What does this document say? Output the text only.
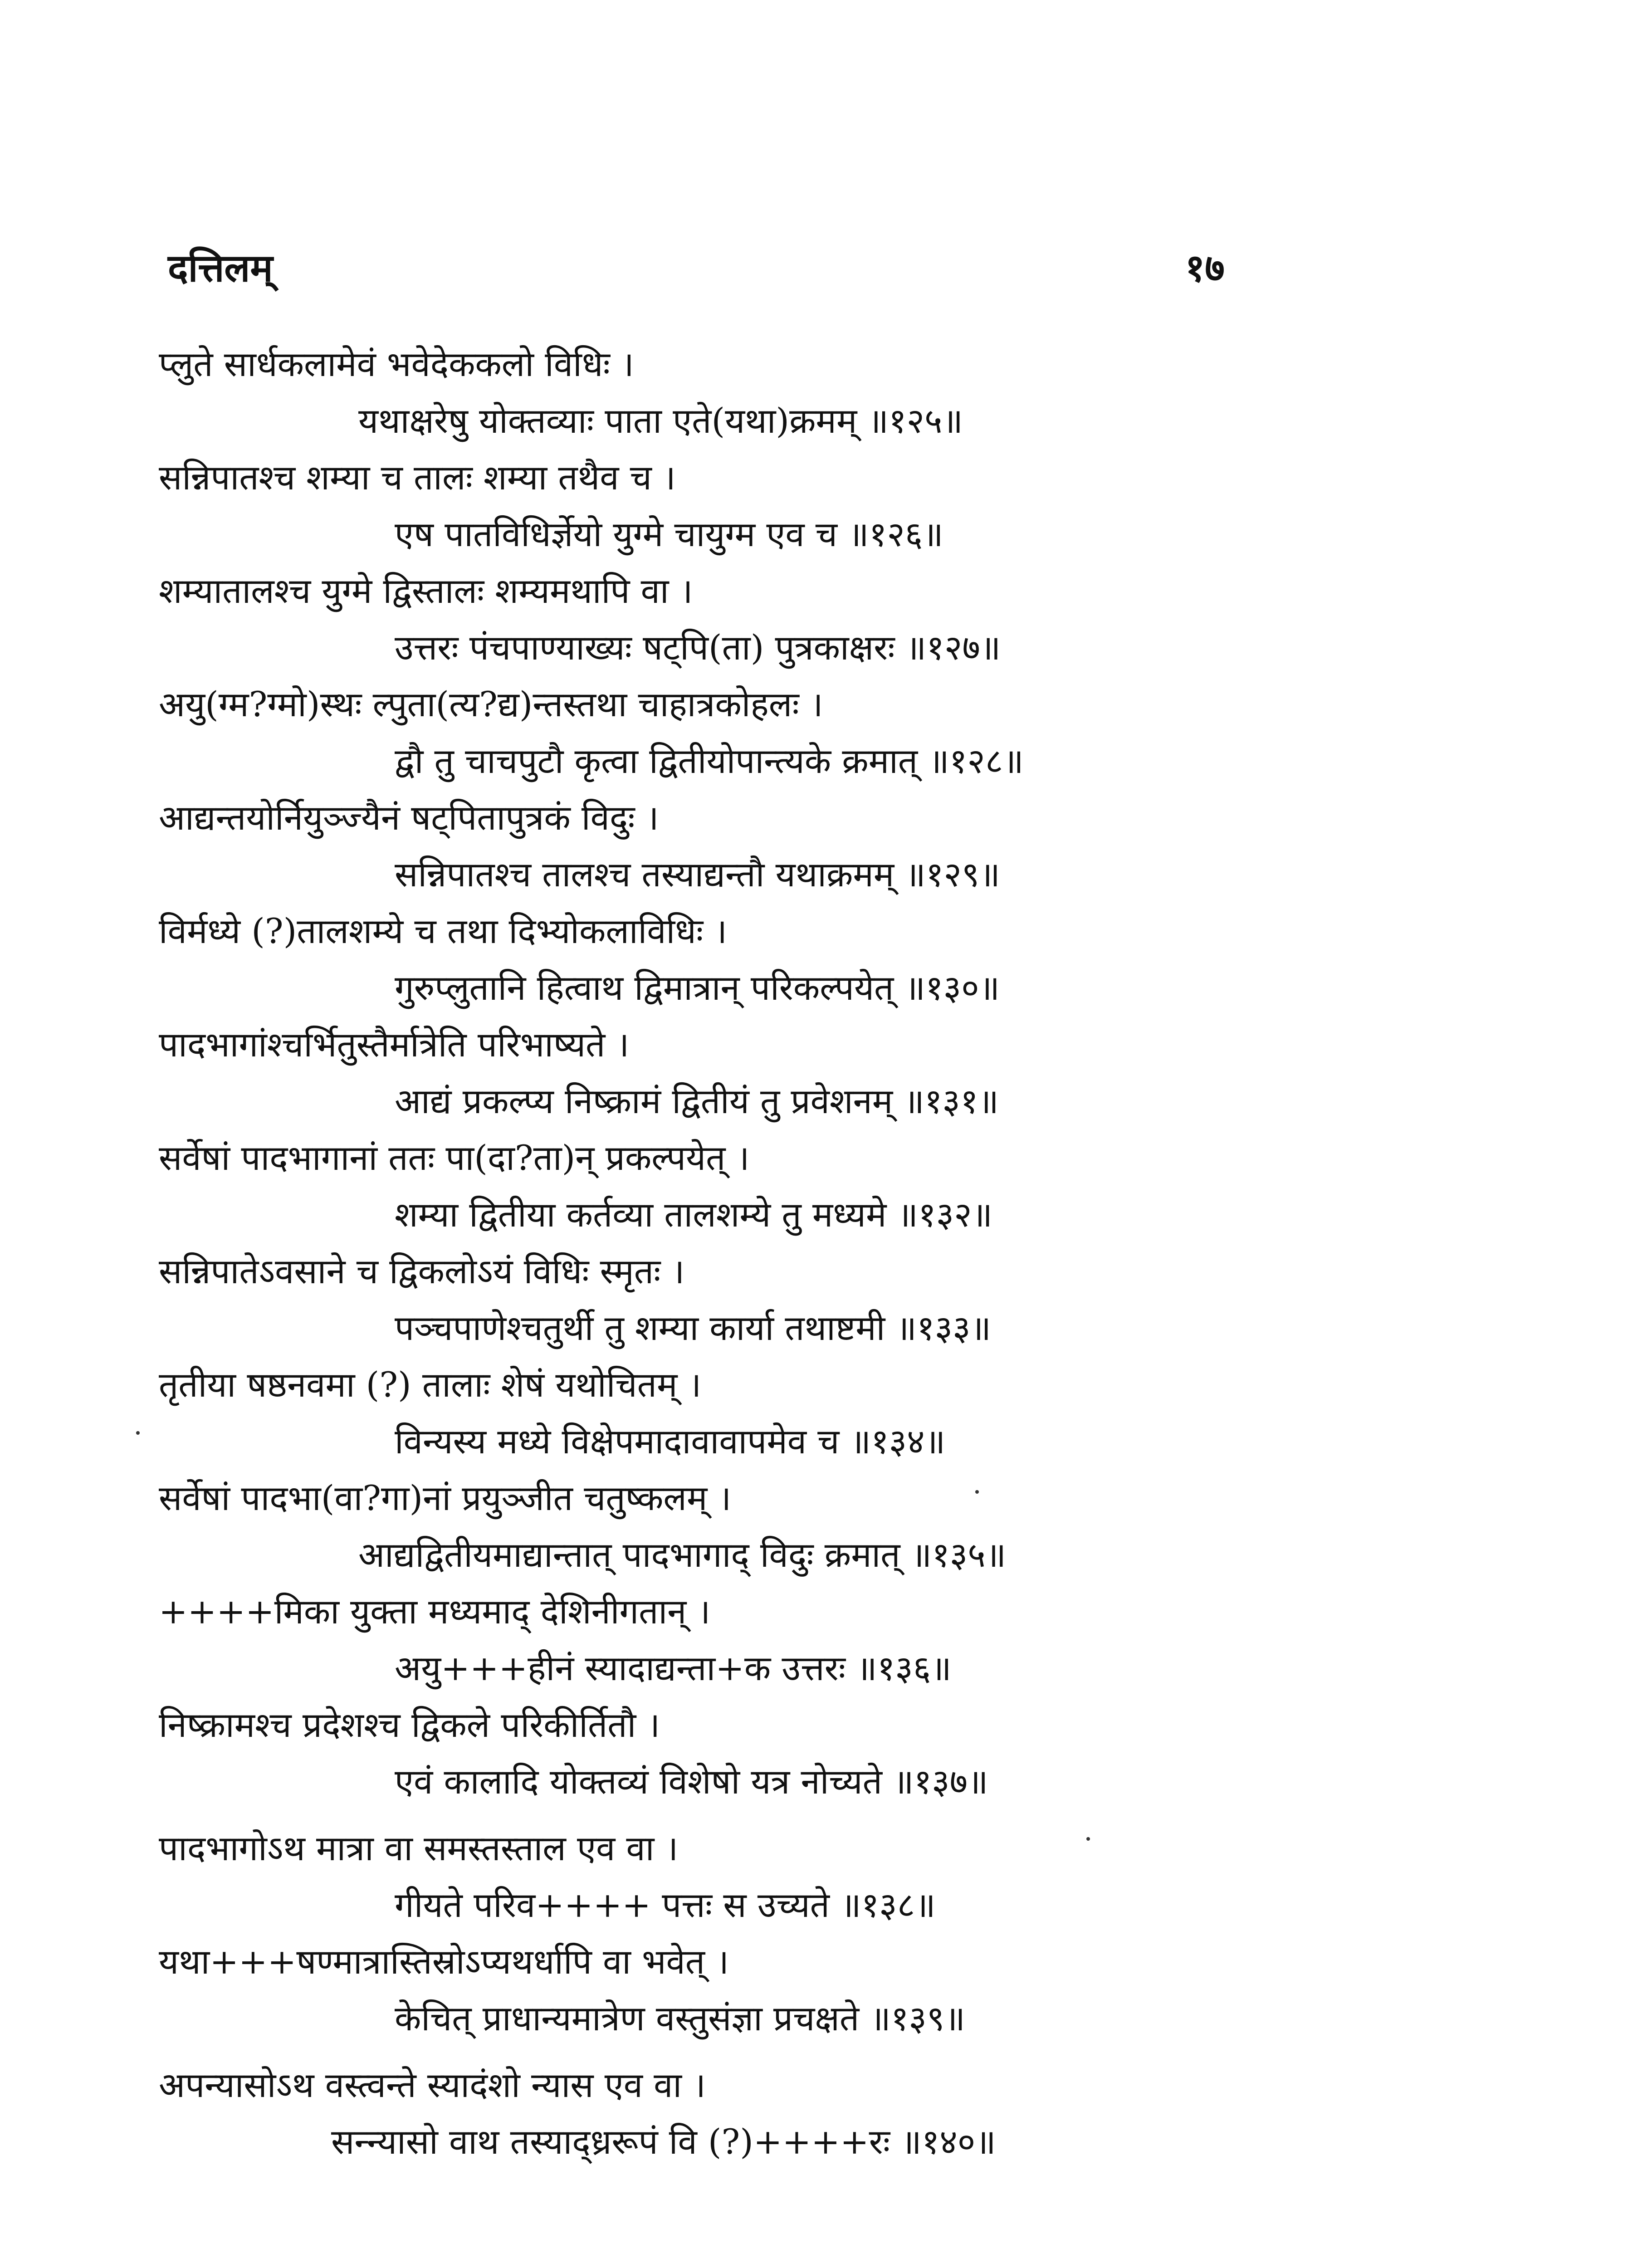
दत्तिलम्	१७
प्लुते सार्धकलामेवं भवेदेककलो विधिः ।
यथाक्षरेषु योक्तव्याः पाता एते(यथा)क्रमम् ॥१२५॥
सन्निपातश्च शम्या च तालः शम्या तथैव च ।
एष पातविधिर्ज्ञेयो युग्मे चायुग्म एव च ॥१२६॥
शम्यातालश्च युग्मे द्विस्तालः शम्यमथापि वा ।
उत्तरः पंचपाण्याख्यः षट्पि(ता) पुत्रकाक्षरः ॥१२७॥
अयु(ग्म?ग्मो)स्थः ल्पुता(त्य?द्य)न्तस्तथा चाहात्रकोहलः ।
द्वौ तु चाचपुटौ कृत्वा द्वितीयोपान्त्यके क्रमात् ॥१२८॥
आद्यन्तयोर्नियुञ्ज्यैनं षट्पितापुत्रकं विदुः ।
सन्निपातश्च तालश्च तस्याद्यन्तौ यथाक्रमम् ॥१२९॥
विर्मध्ये (?)तालशम्ये च तथा दिभ्योकलाविधिः ।
गुरुप्लुतानि हित्वाथ द्विमात्रान् परिकल्पयेत् ॥१३०॥
पादभागांश्चर्भितुस्तैर्मात्रेति परिभाष्यते ।
आद्यं प्रकल्प्य निष्क्रामं द्वितीयं तु प्रवेशनम् ॥१३१॥
सर्वेषां पादभागानां ततः पा(दा?ता)न् प्रकल्पयेत् ।
शम्या द्वितीया कर्तव्या तालशम्ये तु मध्यमे ॥१३२॥
सन्निपातेऽवसाने च द्विकलोऽयं विधिः स्मृतः ।
पञ्चपाणेश्चतुर्थी तु शम्या कार्या तथाष्टमी ॥१३३॥
तृतीया षष्ठनवमा (?) तालाः शेषं यथोचितम् ।
विन्यस्य मध्ये विक्षेपमादावावापमेव च ॥१३४॥
सर्वेषां पादभा(वा?गा)नां प्रयुञ्जीत चतुष्कलम् ।
आद्यद्वितीयमाद्यान्तात् पादभागाद् विदुः क्रमात् ॥१३५॥
++++मिका युक्ता मध्यमाद् देशिनीगतान् ।
अयु+++हीनं स्यादाद्यन्ता+क उत्तरः ॥१३६॥
निष्क्रामश्च प्रदेशश्च द्विकले परिकीर्तितौ ।
एवं कालादि योक्तव्यं विशेषो यत्र नोच्यते ॥१३७॥
पादभागोऽथ मात्रा वा समस्तस्ताल एव वा ।
गीयते परिव++++ पत्तः स उच्यते ॥१३८॥
यथा+++षण्मात्रास्तिस्रोऽप्यथर्धापि वा भवेत् ।
केचित् प्राधान्यमात्रेण वस्तुसंज्ञा प्रचक्षते ॥१३९॥
अपन्यासोऽथ वस्त्वन्ते स्यादंशो न्यास एव वा ।
सन्न्यासो वाथ तस्याद्ध्ररूपं वि (?)++++रः ॥१४०॥
